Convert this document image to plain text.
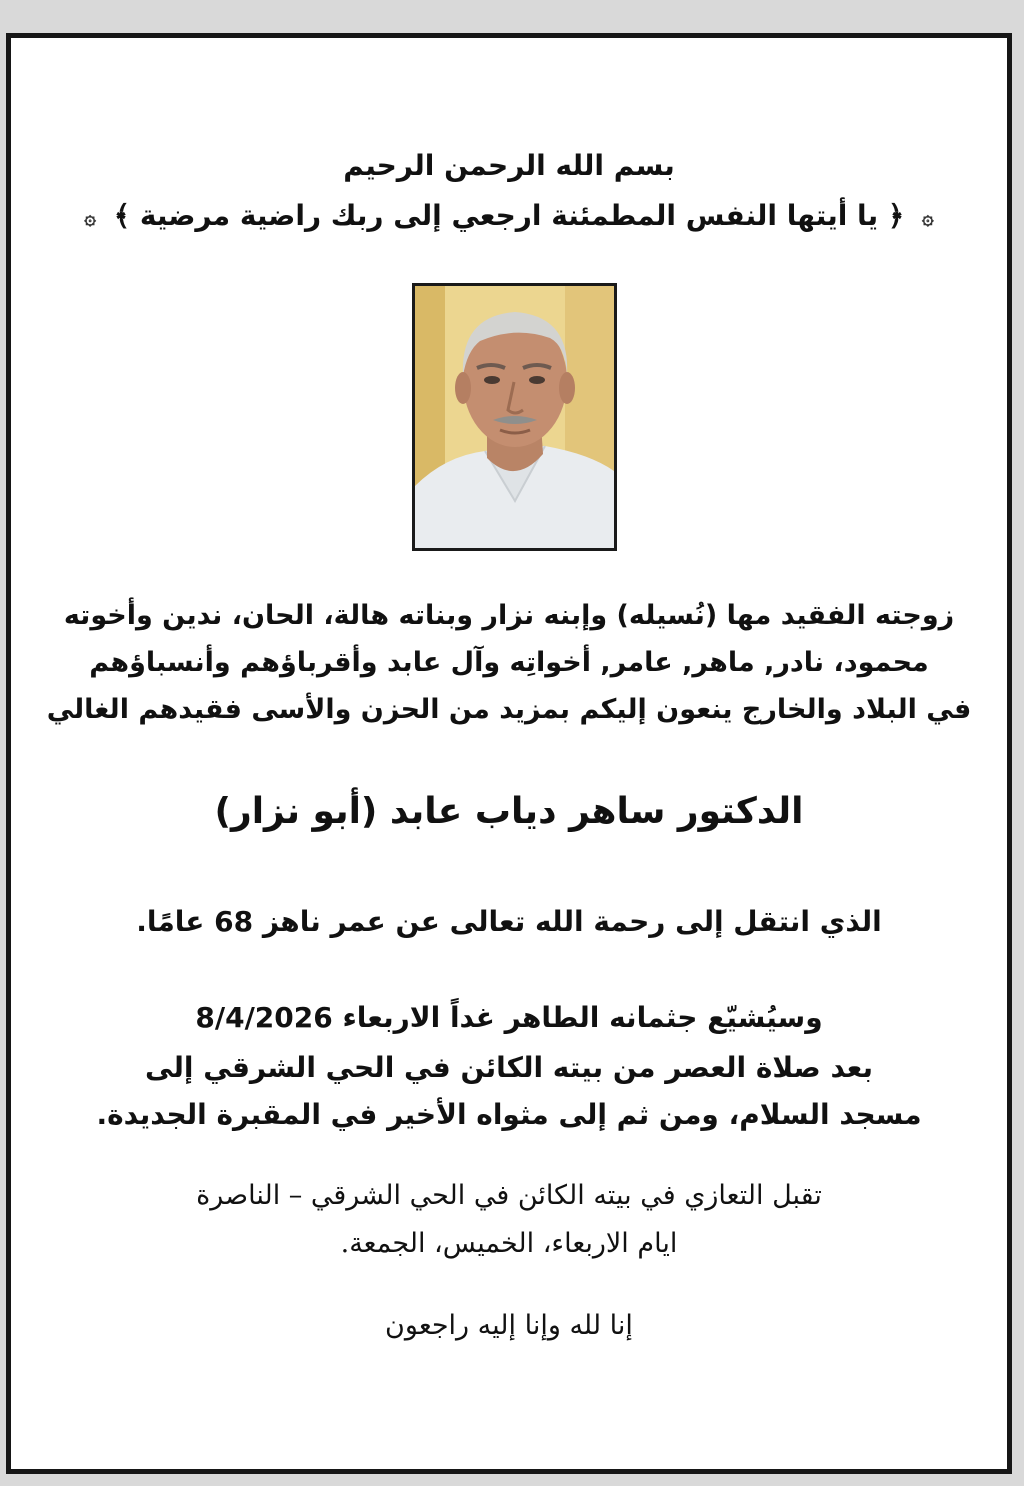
بسم الله الرحمن الرحيم
۞ ﴿ يا أيتها النفس المطمئنة ارجعي إلى ربك راضية مرضية ﴾ ۞
زوجته الفقيد مها (نُسيله) وإبنه نزار وبناته هالة، الحان، ندين وأخوته
محمود، نادر, ماهر, عامر, أخواتِه وآل عابد وأقرباؤهم وأنسباؤهم
في البلاد والخارج ينعون إليكم بمزيد من الحزن والأسى فقيدهم الغالي
الدكتور ساهر دياب عابد (أبو نزار)
الذي انتقل إلى رحمة الله تعالى عن عمر ناهز 68 عامًا.
وسيُشيّع جثمانه الطاهر غداً الاربعاء 8/4/2026
بعد صلاة العصر من بيته الكائن في الحي الشرقي إلى
مسجد السلام، ومن ثم إلى مثواه الأخير في المقبرة الجديدة.
تقبل التعازي في بيته الكائن في الحي الشرقي – الناصرة
ايام الاربعاء، الخميس، الجمعة.
إنا لله وإنا إليه راجعون
